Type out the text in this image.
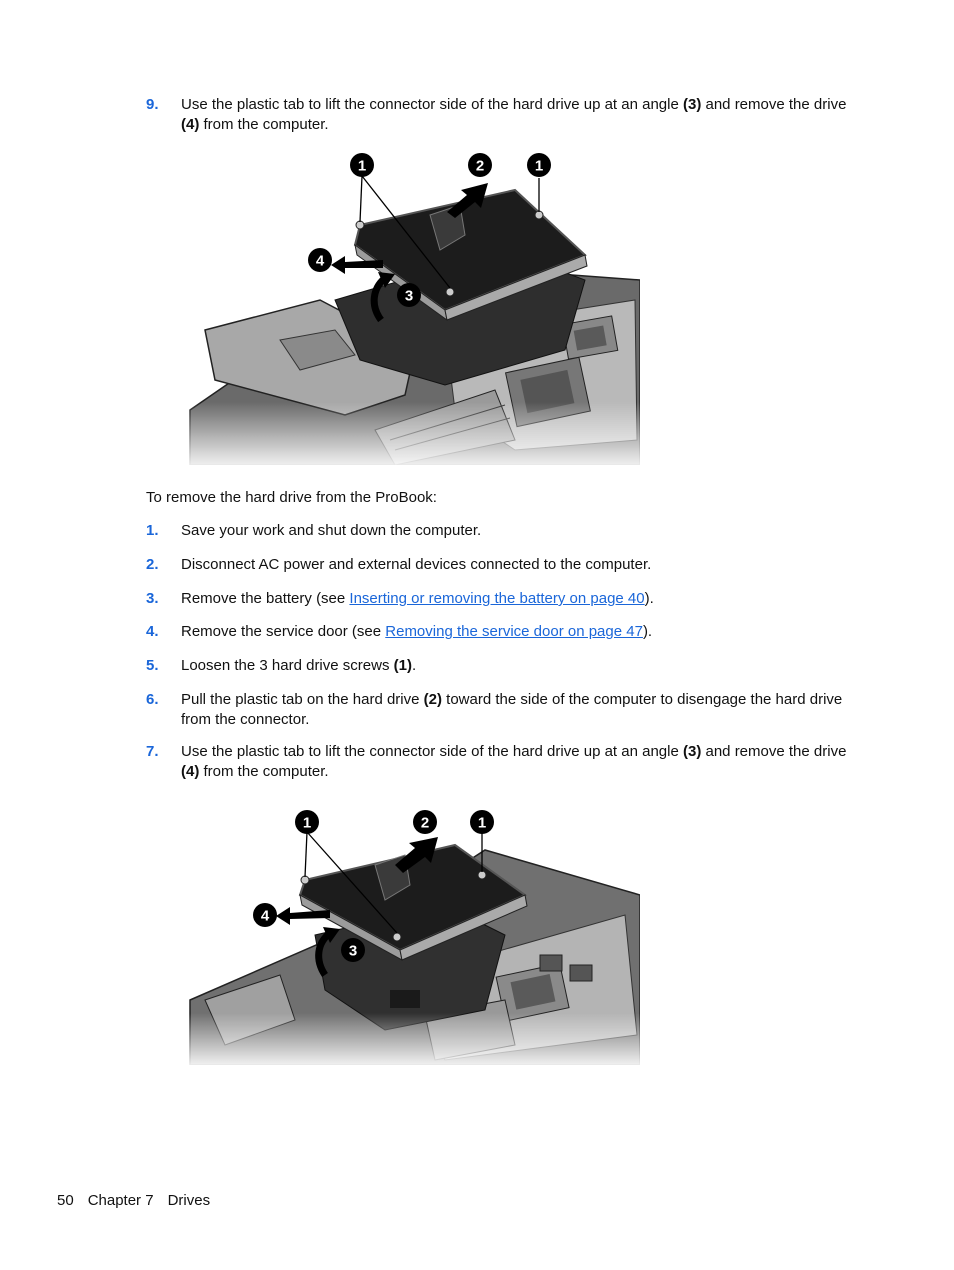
9. Use the plastic tab to lift the connector side of the hard drive up at an angle (3) and remove the drive (4) from the computer.
1	2	1
4
3
To remove the hard drive from the ProBook:
1. Save your work and shut down the computer.
2. Disconnect AC power and external devices connected to the computer.
3. Remove the battery (see Inserting or removing the battery on page 40).
4. Remove the service door (see Removing the service door on page 47).
5. Loosen the 3 hard drive screws (1).
6. Pull the plastic tab on the hard drive (2) toward the side of the computer to disengage the hard drive from the connector.
7. Use the plastic tab to lift the connector side of the hard drive up at an angle (3) and remove the drive (4) from the computer.
1	2	1
4
3
50 Chapter 7 Drives
